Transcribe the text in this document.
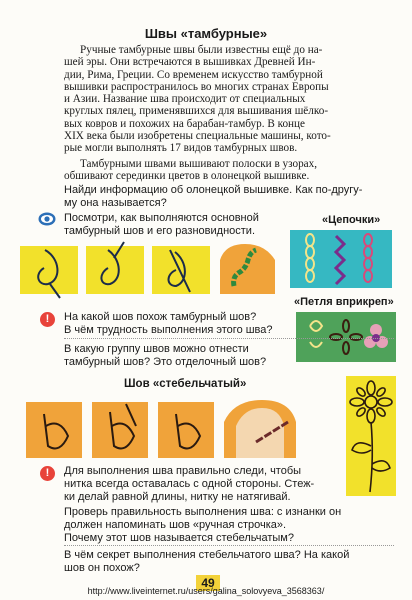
Швы «тамбурные»
Ручные тамбурные швы были известны ещё до на-
шей эры. Они встречаются в вышивках Древней Ин-
дии, Рима, Греции. Со временем искусство тамбурной
вышивки распространилось во многих странах Европы
и Азии. Название шва происходит от специальных
круглых пялец, применявшихся для вышивания шёлко-
вых ковров и похожих на барабан-тамбур. В конце
XIX века были изобретены специальные машины, кото-
рые могли выполнять 17 видов тамбурных швов.
Тамбурными швами вышивают полоски в узорах,
обшивают серединки цветов в олонецкой вышивке.
Найди информацию об олонецкой вышивке. Как по-другу-
му она называется?
Посмотри, как выполняются основной
тамбурный шов и его разновидности.
«Цепочки»
«Петля вприкреп»
!	На какой шов похож тамбурный шов?
В чём трудность выполнения этого шва?
В какую группу швов можно отнести
тамбурный шов? Это отделочный шов?
Шов «стебельчатый»
!	Для выполнения шва правильно следи, чтобы
нитка всегда оставалась с одной стороны. Стеж-
ки делай равной длины, нитку не натягивай.
Проверь правильность выполнения шва: с изнанки он
должен напоминать шов «ручная строчка».
Почему этот шов называется стебельчатым?
В чём секрет выполнения стебельчатого шва? На какой
шов он похож?
49
http://www.liveinternet.ru/users/galina_solovyeva_3568363/
